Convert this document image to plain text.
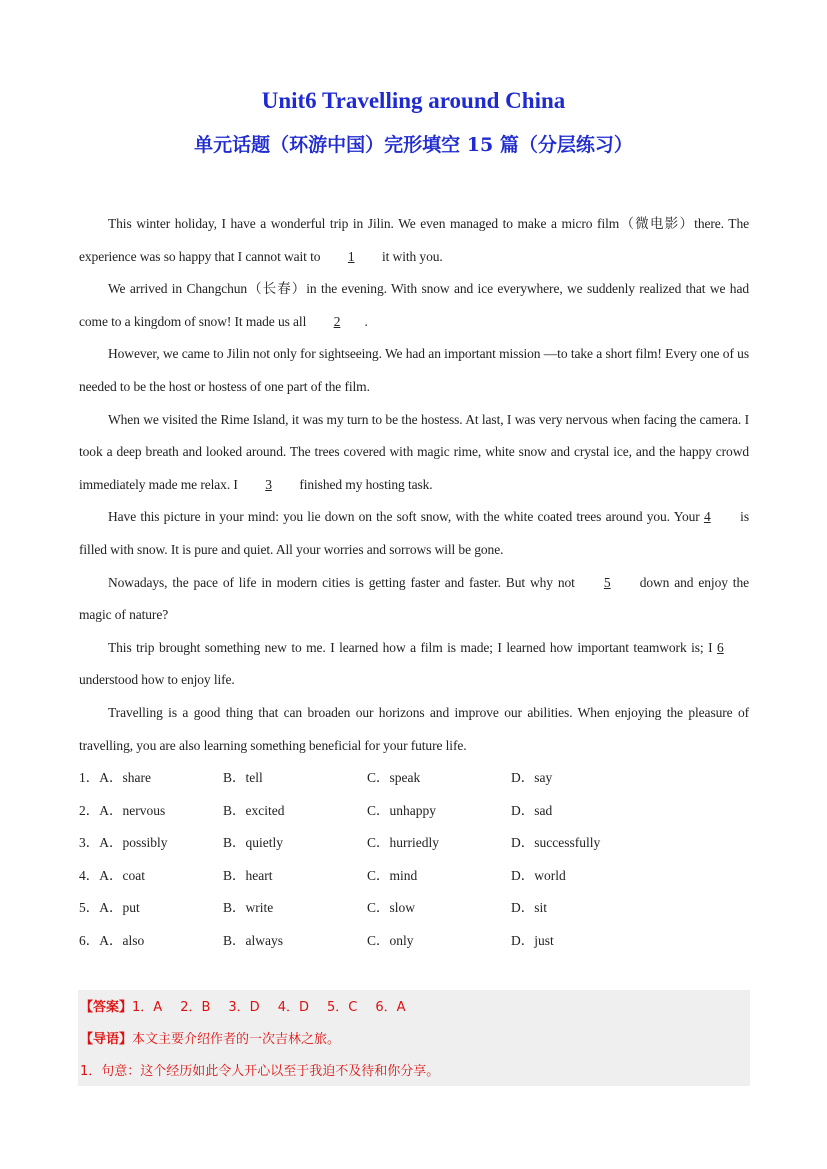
Unit6 Travelling around China
单元话题（环游中国）完形填空 15 篇（分层练习）

This winter holiday, I have a wonderful trip in Jilin. We even managed to make a micro film（微电影）there. The experience was so happy that I cannot wait to 1 it with you.

We arrived in Changchun（长春）in the evening. With snow and ice everywhere, we suddenly realized that we had come to a kingdom of snow! It made us all 2 .

However, we came to Jilin not only for sightseeing. We had an important mission —to take a short film! Every one of us needed to be the host or hostess of one part of the film.

When we visited the Rime Island, it was my turn to be the hostess. At last, I was very nervous when facing the camera. I took a deep breath and looked around. The trees covered with magic rime, white snow and crystal ice, and the happy crowd immediately made me relax. I 3 finished my hosting task.

Have this picture in your mind: you lie down on the soft snow, with the white coated trees around you. Your 4 is filled with snow. It is pure and quiet. All your worries and sorrows will be gone.

Nowadays, the pace of life in modern cities is getting faster and faster. But why not 5 down and enjoy the magic of nature?

This trip brought something new to me. I learned how a film is made; I learned how important teamwork is; I 6 understood how to enjoy life.

Travelling is a good thing that can broaden our horizons and improve our abilities. When enjoying the pleasure of travelling, you are also learning something beneficial for your future life.

1．A．share	B．tell	C．speak	D．say
2．A．nervous	B．excited	C．unhappy	D．sad
3．A．possibly	B．quietly	C．hurriedly	D．successfully
4．A．coat	B．heart	C．mind	D．world
5．A．put	B．write	C．slow	D．sit
6．A．also	B．always	C．only	D．just
【答案】1．A 2．B 3．D 4．D 5．C 6．A
【导语】本文主要介绍作者的一次吉林之旅。
1．句意：这个经历如此令人开心以至于我迫不及待和你分享。
